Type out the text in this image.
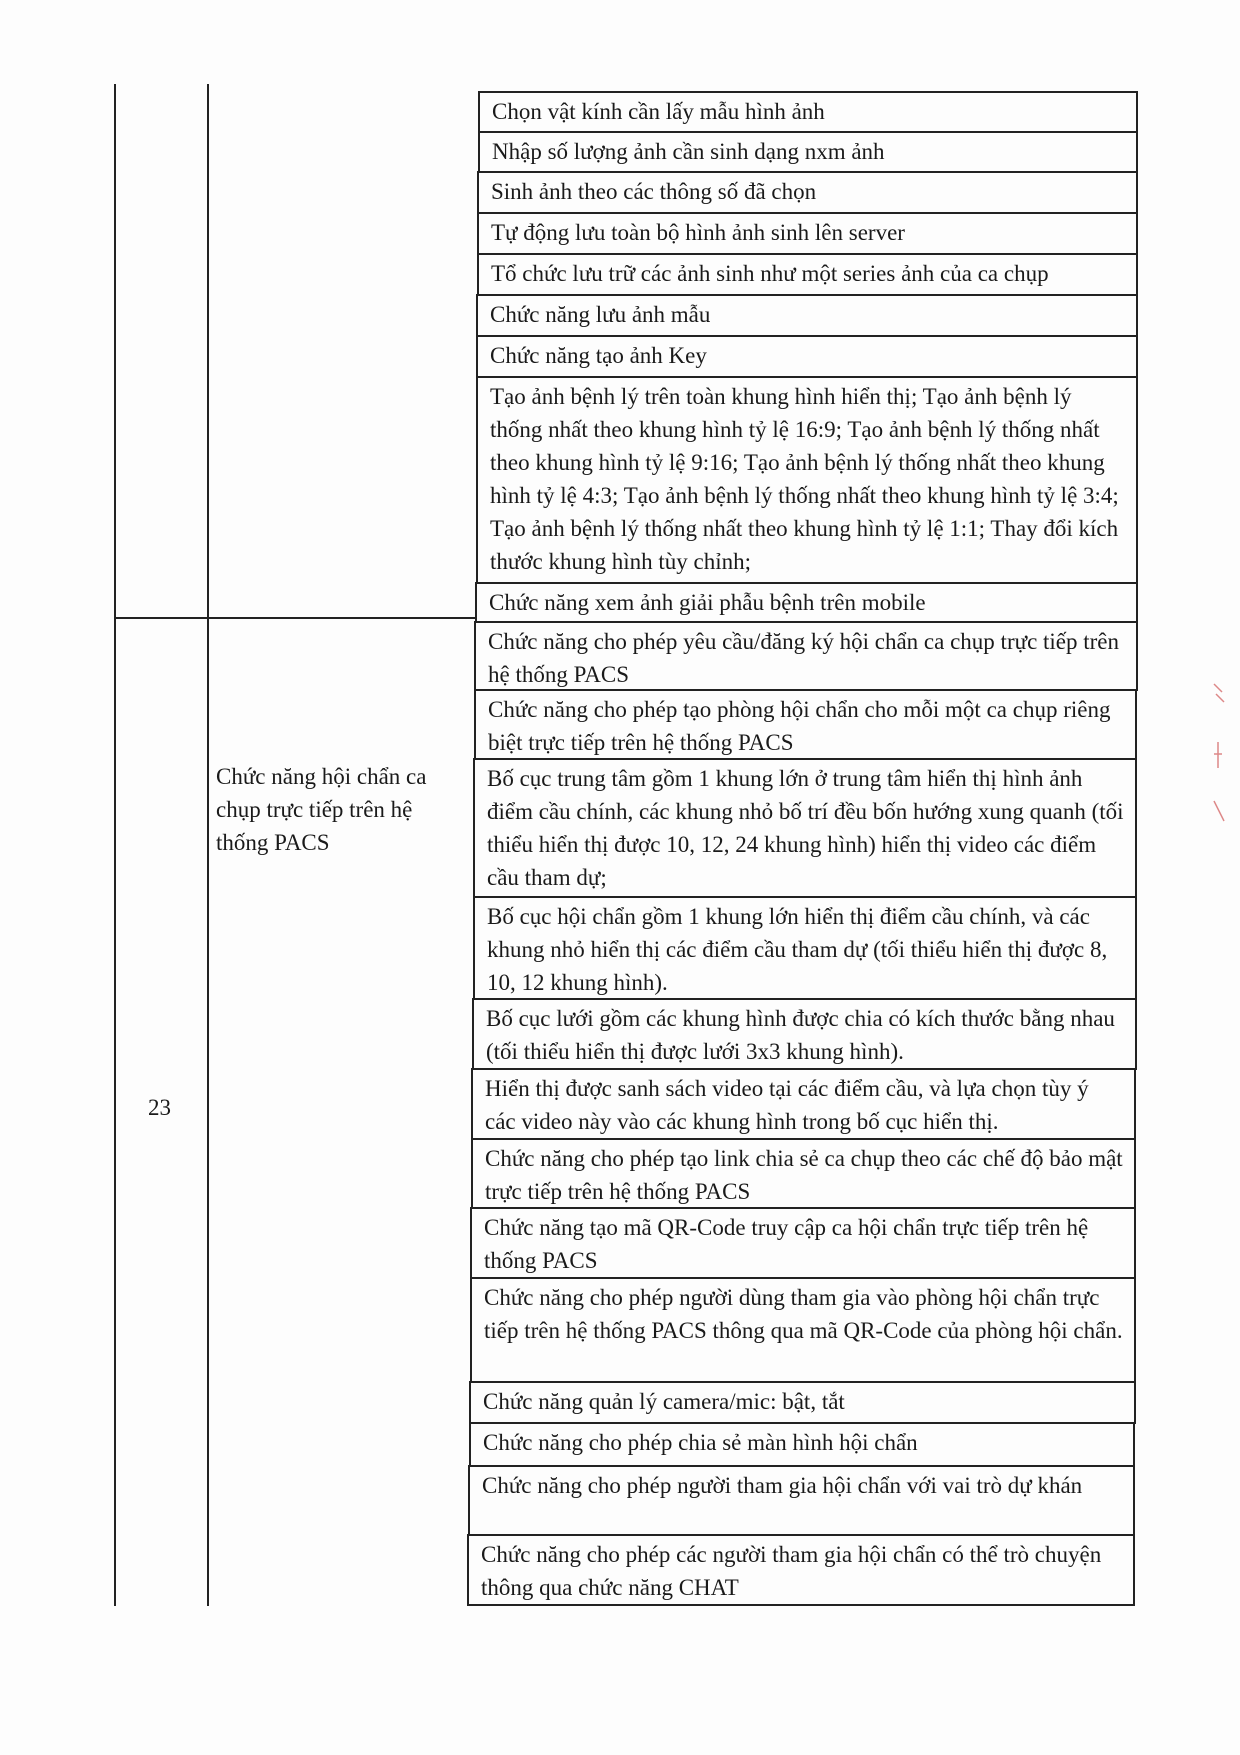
23
Chức năng hội chẩn ca chụp trực tiếp trên hệ thống PACS
Chọn vật kính cần lấy mẫu hình ảnh
Nhập số lượng ảnh cần sinh dạng nxm ảnh
Sinh ảnh theo các thông số đã chọn
Tự động lưu toàn bộ hình ảnh sinh lên server
Tổ chức lưu trữ các ảnh sinh như một series ảnh của ca chụp
Chức năng lưu ảnh mẫu
Chức năng tạo ảnh Key
Tạo ảnh bệnh lý trên toàn khung hình hiển thị; Tạo ảnh bệnh lý thống nhất theo khung hình tỷ lệ 16:9; Tạo ảnh bệnh lý thống nhất theo khung hình tỷ lệ 9:16; Tạo ảnh bệnh lý thống nhất theo khung hình tỷ lệ 4:3; Tạo ảnh bệnh lý thống nhất theo khung hình tỷ lệ 3:4; Tạo ảnh bệnh lý thống nhất theo khung hình tỷ lệ 1:1; Thay đổi kích thước khung hình tùy chỉnh;
Chức năng xem ảnh giải phẫu bệnh trên mobile
Chức năng cho phép yêu cầu/đăng ký hội chẩn ca chụp trực tiếp trên hệ thống PACS
Chức năng cho phép tạo phòng hội chẩn cho mỗi một ca chụp riêng biệt trực tiếp trên hệ thống PACS
Bố cục trung tâm gồm 1 khung lớn ở trung tâm hiển thị hình ảnh điểm cầu chính, các khung nhỏ bố trí đều bốn hướng xung quanh (tối thiểu hiển thị được 10, 12, 24 khung hình) hiển thị video các điểm cầu tham dự;
Bố cục hội chẩn gồm 1 khung lớn hiển thị điểm cầu chính, và các khung nhỏ hiển thị các điểm cầu tham dự (tối thiểu hiển thị được 8, 10, 12 khung hình).
Bố cục lưới gồm các khung hình được chia có kích thước bằng nhau (tối thiểu hiển thị được lưới 3x3 khung hình).
Hiển thị được sanh sách video tại các điểm cầu, và lựa chọn tùy ý các video này vào các khung hình trong bố cục hiển thị.
Chức năng cho phép tạo link chia sẻ ca chụp theo các chế độ bảo mật trực tiếp trên hệ thống PACS
Chức năng tạo mã QR-Code truy cập ca hội chẩn trực tiếp trên hệ thống PACS
Chức năng cho phép người dùng tham gia vào phòng hội chẩn trực tiếp trên hệ thống PACS thông qua mã QR-Code của phòng hội chẩn.
Chức năng quản lý camera/mic: bật, tắt
Chức năng cho phép chia sẻ màn hình hội chẩn
Chức năng cho phép người tham gia hội chẩn với vai trò dự khán
Chức năng cho phép các người tham gia hội chẩn có thể trò chuyện thông qua chức năng CHAT
